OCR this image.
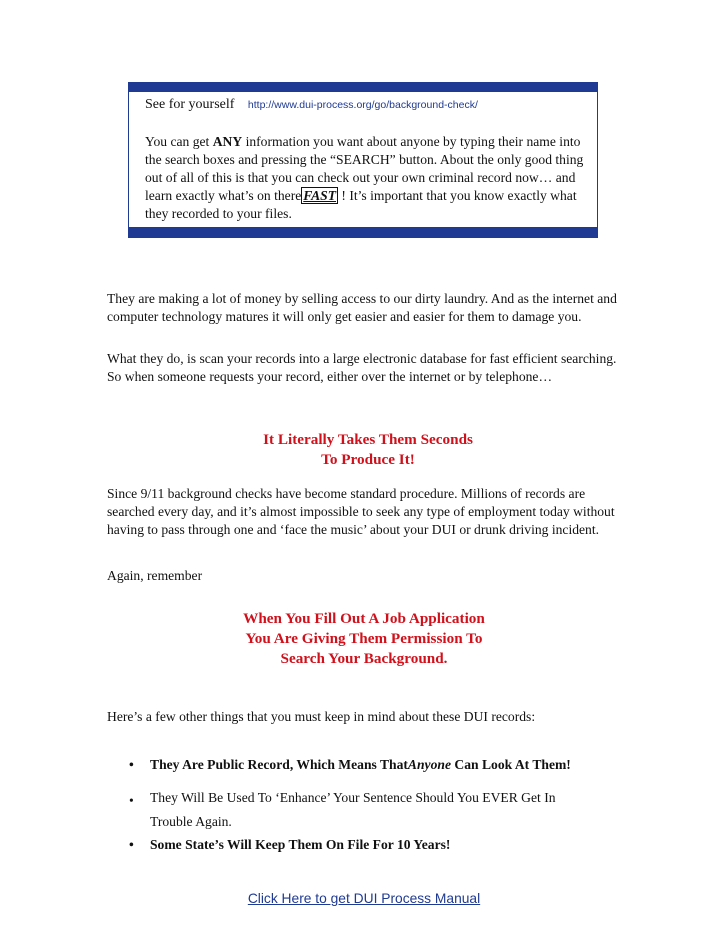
See for yourself http://www.dui-process.org/go/background-check/

You can get ANY information you want about anyone by typing their name into the search boxes and pressing the “SEARCH” button. About the only good thing out of all of this is that you can check out your own criminal record now… and learn exactly what’s on there FAST ! It’s important that you know exactly what they recorded to your files.

They are making a lot of money by selling access to our dirty laundry. And as the internet and computer technology matures it will only get easier and easier for them to damage you.

What they do, is scan your records into a large electronic database for fast efficient searching. So when someone requests your record, either over the internet or by telephone…

It Literally Takes Them Seconds
To Produce It!

Since 9/11 background checks have become standard procedure. Millions of records are searched every day, and it’s almost impossible to seek any type of employment today without having to pass through one and ‘face the music’ about your DUI or drunk driving incident.

Again, remember

When You Fill Out A Job Application
You Are Giving Them Permission To
Search Your Background.

Here’s a few other things that you must keep in mind about these DUI records:

• They Are Public Record, Which Means ThatAnyone Can Look At Them!
• They Will Be Used To ‘Enhance’ Your Sentence Should You EVER Get In
Trouble Again.
• Some State’s Will Keep Them On File For 10 Years!
Click Here to get DUI Process Manual
